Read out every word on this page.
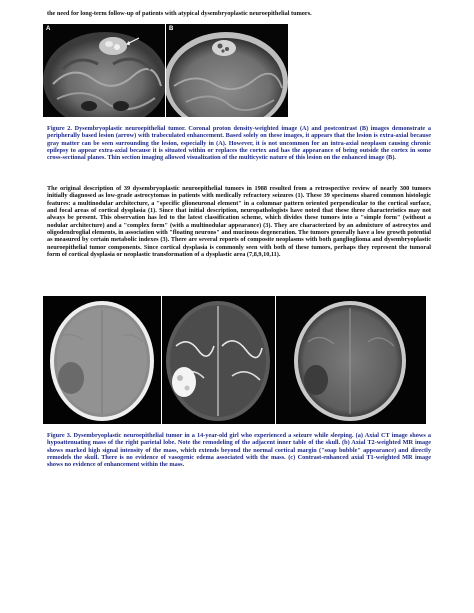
the need for long-term follow-up of patients with atypical dysembryoplastic neuroepithelial tumors.

A	B

Figure 2. Dysembryoplastic neuroepithelial tumor. Coronal proton density-weighted image (A) and postcontrast (B) images demonstrate a peripherally based lesion (arrow) with trabeculated enhancement. Based solely on these images, it appears that the lesion is extra-axial because gray matter can be seen surrounding the lesion, especially in (A). However, it is not uncommon for an intra-axial neoplasm causing chronic epilepsy to appear extra-axial because it is situated within or replaces the cortex and has the appearance of being outside the cortex in some cross-sectional planes. Thin section imaging allowed visualization of the multicystic nature of this lesion on the enhanced image (B).

The original description of 39 dysembryoplastic neuroepithelial tumors in 1988 resulted from a retrospective review of nearly 300 tumors initially diagnosed as low-grade astrocytomas in patients with medically refractory seizures (1). These 39 specimens shared common histologic features: a multinodular architecture, a "specific glioneuronal element" in a columnar pattern oriented perpendicular to the cortical surface, and focal areas of cortical dysplasia (1). Since that initial description, neuropathologists have noted that these three characteristics may not always be present. This observation has led to the latest classification scheme, which divides these tumors into a "simple form" (without a nodular architecture) and a "complex form" (with a multinodular appearance) (3). They are characterized by an admixture of astrocytes and oligodendroglial elements, in association with "floating neurons" and mucinous degeneration. The tumors generally have a low growth potential as measured by certain metabolic indexes (3). There are several reports of composite neoplasms with both ganglioglioma and dysembryoplastic neuroepithelial tumor components. Since cortical dysplasia is commonly seen with both of these tumors, perhaps they represent the tumoral form of cortical dysplasia or neoplastic transformation of a dysplastic area (7,8,9,10,11).

Figure 3. Dysembryoplastic neuroepithelial tumor in a 14-year-old girl who experienced a seizure while sleeping. (a) Axial CT image shows a hypoattenuating mass of the right parietal lobe. Note the remodeling of the adjacent inner table of the skull. (b) Axial T2-weighted MR image shows marked high signal intensity of the mass, which extends beyond the normal cortical margin ("soap bubble" appearance) and directly remodels the skull. There is no evidence of vasogenic edema associated with the mass. (c) Contrast-enhanced axial T1-weighted MR image shows no evidence of enhancement within the mass.
